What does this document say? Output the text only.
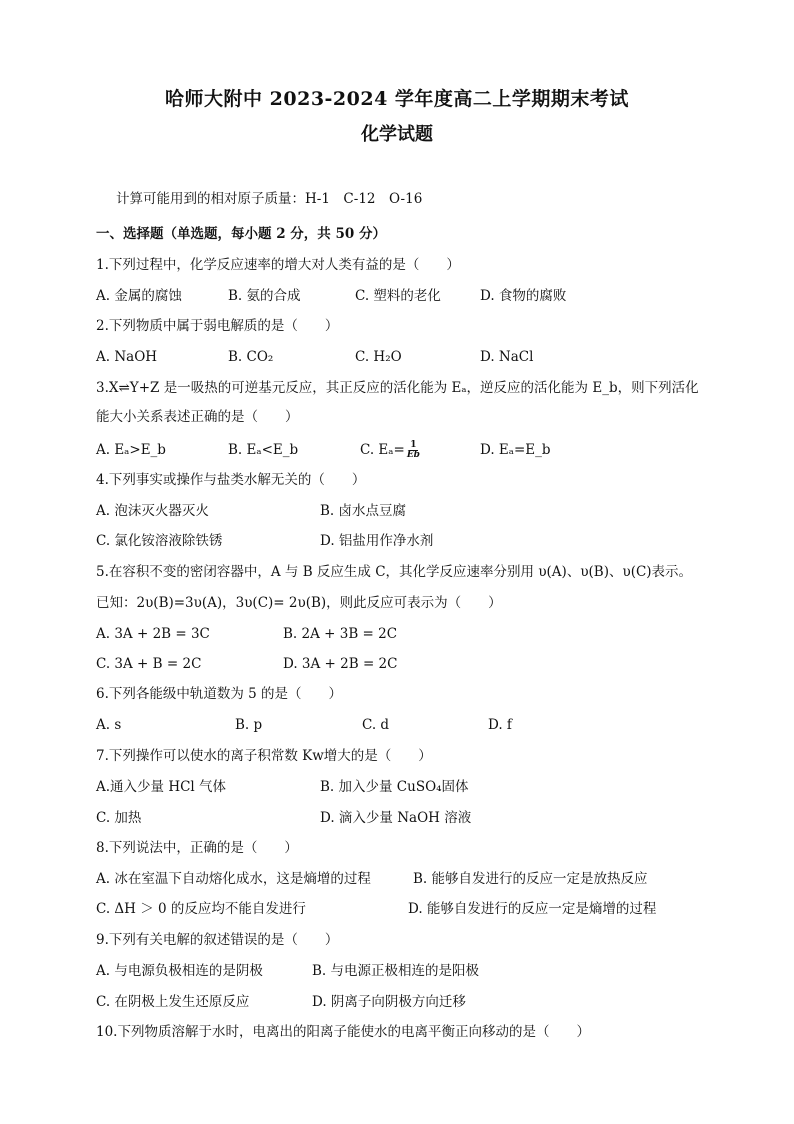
哈师大附中 2023-2024 学年度高二上学期期末考试
化学试题
计算可能用到的相对原子质量：H-1　C-12　O-16
一、选择题（单选题，每小题 2 分，共 50 分）
1.下列过程中，化学反应速率的增大对人类有益的是（　　）
A. 金属的腐蚀	B. 氨的合成	C. 塑料的老化	D. 食物的腐败
2.下列物质中属于弱电解质的是（　　）
A. NaOH	B. CO₂	C. H₂O	D. NaCl
3.X⇌Y+Z 是一吸热的可逆基元反应，其正反应的活化能为 Eₐ，逆反应的活化能为 E_b，则下列活化
能大小关系表述正确的是（　　）
A. Eₐ>E_b	B. Eₐ<E_b	C. $E_a= \frac{1}{Eb}$	D. Eₐ=E_b
4.下列事实或操作与盐类水解无关的（　　）
A. 泡沫灭火器灭火	B. 卤水点豆腐
C. 氯化铵溶液除铁锈	D. 铝盐用作净水剂
5.在容积不变的密闭容器中，A 与 B 反应生成 C，其化学反应速率分别用 υ(A)、υ(B)、υ(C)表示。
已知：2υ(B)=3υ(A)，3υ(C)= 2υ(B)，则此反应可表示为（　　）
A. 3A + 2B = 3C	B. 2A + 3B = 2C
C. 3A + B = 2C	D. 3A + 2B = 2C
6.下列各能级中轨道数为 5 的是（　　）
A. s	B. p	C. d	D. f
7.下列操作可以使水的离子积常数 Kw增大的是（　　）
A.通入少量 HCl 气体	B. 加入少量 CuSO₄固体
C. 加热	D. 滴入少量 NaOH 溶液
8.下列说法中，正确的是（　　）
A. 冰在室温下自动熔化成水，这是熵增的过程	B. 能够自发进行的反应一定是放热反应
C. ΔH ＞ 0 的反应均不能自发进行	D. 能够自发进行的反应一定是熵增的过程
9.下列有关电解的叙述错误的是（　　）
A. 与电源负极相连的是阴极	B. 与电源正极相连的是阳极
C. 在阴极上发生还原反应	D. 阴离子向阴极方向迁移
10.下列物质溶解于水时，电离出的阳离子能使水的电离平衡正向移动的是（　　）
